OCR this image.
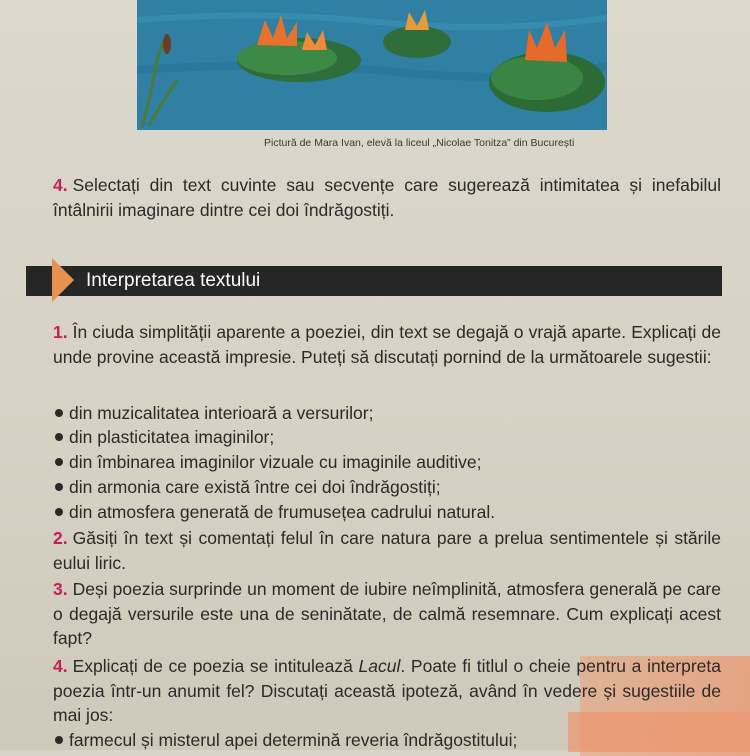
Pictură de Mara Ivan, elevă la liceul „Nicolae Tonitza” din București
4. Selectați din text cuvinte sau secvențe care sugerează intimitatea și inefabilul întâlnirii imaginare dintre cei doi îndrăgostiți.
Interpretarea textului
1. În ciuda simplității aparente a poeziei, din text se degajă o vrajă aparte. Explicați de unde provine această impresie. Puteți să discutați pornind de la următoarele sugestii:
din muzicalitatea interioară a versurilor;
din plasticitatea imaginilor;
din îmbinarea imaginilor vizuale cu imaginile auditive;
din armonia care există între cei doi îndrăgostiți;
din atmosfera generată de frumusețea cadrului natural.
2. Găsiți în text și comentați felul în care natura pare a prelua sentimentele și stările eului liric.
3. Deși poezia surprinde un moment de iubire neîmplinită, atmosfera generală pe care o degajă versurile este una de seninătate, de calmă resemnare. Cum explicați acest fapt?
4. Explicați de ce poezia se intitulează Lacul. Poate fi titlul o cheie pentru a interpreta poezia într-un anumit fel? Discutați această ipoteză, având în vedere și sugestiile de mai jos:
farmecul și misterul apei determină reveria îndrăgostitului;
